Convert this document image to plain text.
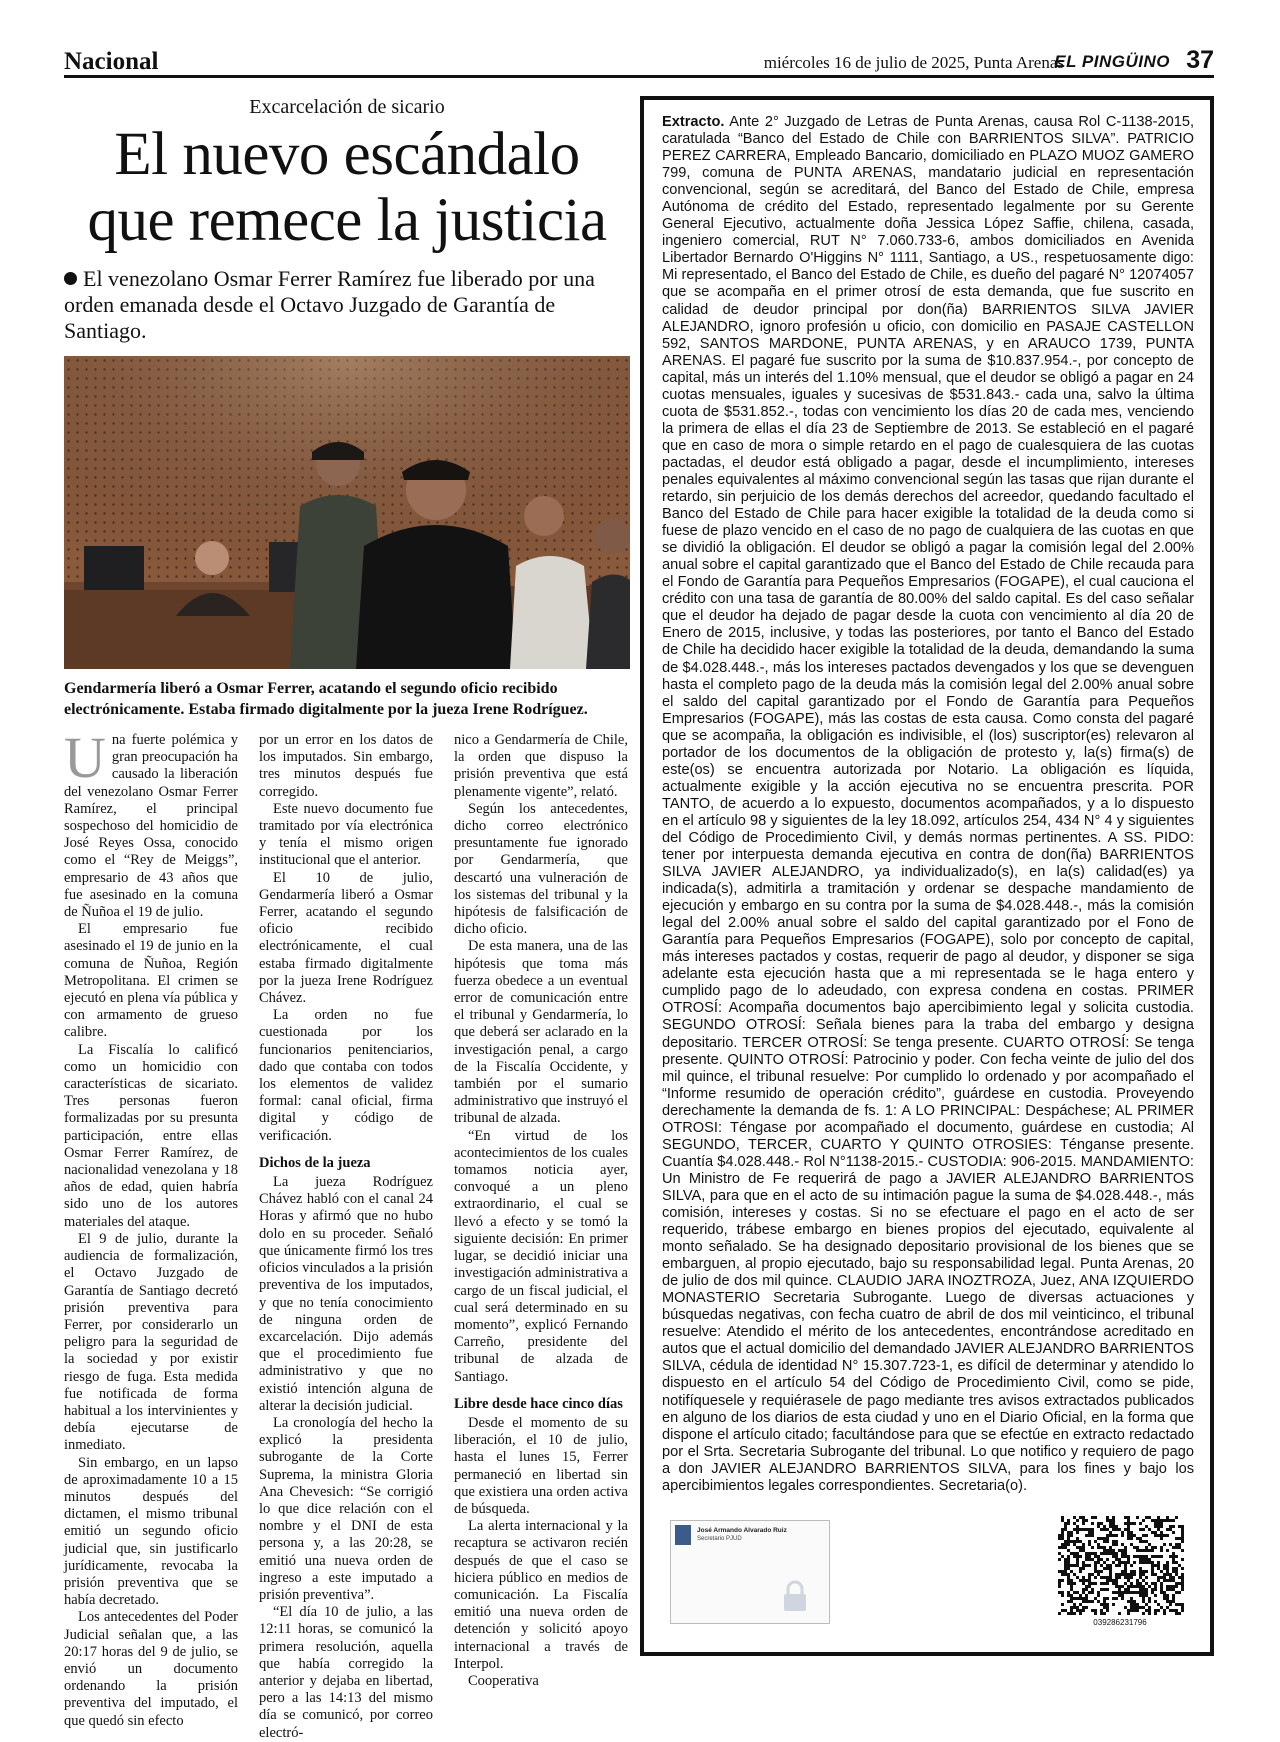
Nacional	miércoles 16 de julio de 2025, Punta Arenas
EL PINGÜINO 37
Excarcelación de sicario
El nuevo escándalo
que remece la justicia
El venezolano Osmar Ferrer Ramírez fue liberado por una orden emanada desde el Octavo Juzgado de Garantía de Santiago.
Gendarmería liberó a Osmar Ferrer, acatando el segundo oficio recibido electrónicamente. Estaba firmado digitalmente por la jueza Irene Rodríguez.
U na fuerte polémica y gran preocupación ha causado la liberación del venezolano Osmar Ferrer Ramírez, el principal sospechoso del homicidio de José Reyes Ossa, conocido como el “Rey de Meiggs”, empresario de 43 años que fue asesinado en la comuna de Ñuñoa el 19 de julio.

El empresario fue asesinado el 19 de junio en la comuna de Ñuñoa, Región Metropolitana. El crimen se ejecutó en plena vía pública y con armamento de grueso calibre.

La Fiscalía lo calificó como un homicidio con características de sicariato. Tres personas fueron formalizadas por su presunta participación, entre ellas Osmar Ferrer Ramírez, de nacionalidad venezolana y 18 años de edad, quien habría sido uno de los autores materiales del ataque.

El 9 de julio, durante la audiencia de formalización, el Octavo Juzgado de Garantía de Santiago decretó prisión preventiva para Ferrer, por considerarlo un peligro para la seguridad de la sociedad y por existir riesgo de fuga. Esta medida fue notificada de forma habitual a los intervinientes y debía ejecutarse de inmediato.

Sin embargo, en un lapso de aproximadamente 10 a 15 minutos después del dictamen, el mismo tribunal emitió un segundo oficio judicial que, sin justificarlo jurídicamente, revocaba la prisión preventiva que se había decretado.

Los antecedentes del Poder Judicial señalan que, a las 20:17 horas del 9 de julio, se envió un documento ordenando la prisión preventiva del imputado, el que quedó sin efecto

por un error en los datos de los imputados. Sin embargo, tres minutos después fue corregido.

Este nuevo documento fue tramitado por vía electrónica y tenía el mismo origen institucional que el anterior.

El 10 de julio, Gendarmería liberó a Osmar Ferrer, acatando el segundo oficio recibido electrónicamente, el cual estaba firmado digitalmente por la jueza Irene Rodríguez Chávez.

La orden no fue cuestionada por los funcionarios penitenciarios, dado que contaba con todos los elementos de validez formal: canal oficial, firma digital y código de verificación.

Dichos de la jueza

La jueza Rodríguez Chávez habló con el canal 24 Horas y afirmó que no hubo dolo en su proceder. Señaló que únicamente firmó los tres oficios vinculados a la prisión preventiva de los imputados, y que no tenía conocimiento de ninguna orden de excarcelación. Dijo además que el procedimiento fue administrativo y que no existió intención alguna de alterar la decisión judicial.

La cronología del hecho la explicó la presidenta subrogante de la Corte Suprema, la ministra Gloria Ana Chevesich: “Se corrigió lo que dice relación con el nombre y el DNI de esta persona y, a las 20:28, se emitió una nueva orden de ingreso a este imputado a prisión preventiva”.

“El día 10 de julio, a las 12:11 horas, se comunicó la primera resolución, aquella que había corregido la anterior y dejaba en libertad, pero a las 14:13 del mismo día se comunicó, por correo electró-

nico a Gendarmería de Chile, la orden que dispuso la prisión preventiva que está plenamente vigente”, relató.

Según los antecedentes, dicho correo electrónico presuntamente fue ignorado por Gendarmería, que descartó una vulneración de los sistemas del tribunal y la hipótesis de falsificación de dicho oficio.

De esta manera, una de las hipótesis que toma más fuerza obedece a un eventual error de comunicación entre el tribunal y Gendarmería, lo que deberá ser aclarado en la investigación penal, a cargo de la Fiscalía Occidente, y también por el sumario administrativo que instruyó el tribunal de alzada.

“En virtud de los acontecimientos de los cuales tomamos noticia ayer, convoqué a un pleno extraordinario, el cual se llevó a efecto y se tomó la siguiente decisión: En primer lugar, se decidió iniciar una investigación administrativa a cargo de un fiscal judicial, el cual será determinado en su momento”, explicó Fernando Carreño, presidente del tribunal de alzada de Santiago.

Libre desde hace cinco días

Desde el momento de su liberación, el 10 de julio, hasta el lunes 15, Ferrer permaneció en libertad sin que existiera una orden activa de búsqueda.

La alerta internacional y la recaptura se activaron recién después de que el caso se hiciera público en medios de comunicación. La Fiscalía emitió una nueva orden de detención y solicitó apoyo internacional a través de Interpol.

Cooperativa

Extracto. Ante 2° Juzgado de Letras de Punta Arenas, causa Rol C-1138-2015, caratulada “Banco del Estado de Chile con BARRIENTOS SILVA”. PATRICIO PEREZ CARRERA, Empleado Bancario, domiciliado en PLAZO MUOZ GAMERO 799, comuna de PUNTA ARENAS, mandatario judicial en representación convencional, según se acreditará, del Banco del Estado de Chile, empresa Autónoma de crédito del Estado, representado legalmente por su Gerente General Ejecutivo, actualmente doña Jessica López Saffie, chilena, casada, ingeniero comercial, RUT N° 7.060.733-6, ambos domiciliados en Avenida Libertador Bernardo O'Higgins N° 1111, Santiago, a US., respetuosamente digo: Mi representado, el Banco del Estado de Chile, es dueño del pagaré N° 12074057 que se acompaña en el primer otrosí de esta demanda, que fue suscrito en calidad de deudor principal por don(ña) BARRIENTOS SILVA JAVIER ALEJANDRO, ignoro profesión u oficio, con domicilio en PASAJE CASTELLON 592, SANTOS MARDONE, PUNTA ARENAS, y en ARAUCO 1739, PUNTA ARENAS. El pagaré fue suscrito por la suma de $10.837.954.-, por concepto de capital, más un interés del 1.10% mensual, que el deudor se obligó a pagar en 24 cuotas mensuales, iguales y sucesivas de $531.843.- cada una, salvo la última cuota de $531.852.-, todas con vencimiento los días 20 de cada mes, venciendo la primera de ellas el día 23 de Septiembre de 2013. Se estableció en el pagaré que en caso de mora o simple retardo en el pago de cualesquiera de las cuotas pactadas, el deudor está obligado a pagar, desde el incumplimiento, intereses penales equivalentes al máximo convencional según las tasas que rijan durante el retardo, sin perjuicio de los demás derechos del acreedor, quedando facultado el Banco del Estado de Chile para hacer exigible la totalidad de la deuda como si fuese de plazo vencido en el caso de no pago de cualquiera de las cuotas en que se dividió la obligación. El deudor se obligó a pagar la comisión legal del 2.00% anual sobre el capital garantizado que el Banco del Estado de Chile recauda para el Fondo de Garantía para Pequeños Empresarios (FOGAPE), el cual cauciona el crédito con una tasa de garantía de 80.00% del saldo capital. Es del caso señalar que el deudor ha dejado de pagar desde la cuota con vencimiento al día 20 de Enero de 2015, inclusive, y todas las posteriores, por tanto el Banco del Estado de Chile ha decidido hacer exigible la totalidad de la deuda, demandando la suma de $4.028.448.-, más los intereses pactados devengados y los que se devenguen hasta el completo pago de la deuda más la comisión legal del 2.00% anual sobre el saldo del capital garantizado por el Fondo de Garantía para Pequeños Empresarios (FOGAPE), más las costas de esta causa. Como consta del pagaré que se acompaña, la obligación es indivisible, el (los) suscriptor(es) relevaron al portador de los documentos de la obligación de protesto y, la(s) firma(s) de este(os) se encuentra autorizada por Notario. La obligación es líquida, actualmente exigible y la acción ejecutiva no se encuentra prescrita. POR TANTO, de acuerdo a lo expuesto, documentos acompañados, y a lo dispuesto en el artículo 98 y siguientes de la ley 18.092, artículos 254, 434 N° 4 y siguientes del Código de Procedimiento Civil, y demás normas pertinentes. A SS. PIDO: tener por interpuesta demanda ejecutiva en contra de don(ña) BARRIENTOS SILVA JAVIER ALEJANDRO, ya individualizado(s), en la(s) calidad(es) ya indicada(s), admitirla a tramitación y ordenar se despache mandamiento de ejecución y embargo en su contra por la suma de $4.028.448.-, más la comisión legal del 2.00% anual sobre el saldo del capital garantizado por el Fono de Garantía para Pequeños Empresarios (FOGAPE), solo por concepto de capital, más intereses pactados y costas, requerir de pago al deudor, y disponer se siga adelante esta ejecución hasta que a mi representada se le haga entero y cumplido pago de lo adeudado, con expresa condena en costas. PRIMER OTROSÍ: Acompaña documentos bajo apercibimiento legal y solicita custodia. SEGUNDO OTROSÍ: Señala bienes para la traba del embargo y designa depositario. TERCER OTROSÍ: Se tenga presente. CUARTO OTROSÍ: Se tenga presente. QUINTO OTROSÍ: Patrocinio y poder. Con fecha veinte de julio del dos mil quince, el tribunal resuelve: Por cumplido lo ordenado y por acompañado el “Informe resumido de operación crédito”, guárdese en custodia. Proveyendo derechamente la demanda de fs. 1: A LO PRINCIPAL: Despáchese; AL PRIMER OTROSI: Téngase por acompañado el documento, guárdese en custodia; Al SEGUNDO, TERCER, CUARTO Y QUINTO OTROSIES: Ténganse presente. Cuantía $4.028.448.- Rol N°1138-2015.- CUSTODIA: 906-2015. MANDAMIENTO: Un Ministro de Fe requerirá de pago a JAVIER ALEJANDRO BARRIENTOS SILVA, para que en el acto de su intimación pague la suma de $4.028.448.-, más comisión, intereses y costas. Si no se efectuare el pago en el acto de ser requerido, trábese embargo en bienes propios del ejecutado, equivalente al monto señalado. Se ha designado depositario provisional de los bienes que se embarguen, al propio ejecutado, bajo su responsabilidad legal. Punta Arenas, 20 de julio de dos mil quince. CLAUDIO JARA INOZTROZA, Juez, ANA IZQUIERDO MONASTERIO Secretaria Subrogante. Luego de diversas actuaciones y búsquedas negativas, con fecha cuatro de abril de dos mil veinticinco, el tribunal resuelve: Atendido el mérito de los antecedentes, encontrándose acreditado en autos que el actual domicilio del demandado JAVIER ALEJANDRO BARRIENTOS SILVA, cédula de identidad N° 15.307.723-1, es difícil de determinar y atendido lo dispuesto en el artículo 54 del Código de Procedimiento Civil, como se pide, notifíquesele y requiérasele de pago mediante tres avisos extractados publicados en alguno de los diarios de esta ciudad y uno en el Diario Oficial, en la forma que dispone el artículo citado; facultándose para que se efectúe en extracto redactado por el Srta. Secretaria Subrogante del tribunal. Lo que notifico y requiero de pago a don JAVIER ALEJANDRO BARRIENTOS SILVA, para los fines y bajo los apercibimientos legales correspondientes. Secretaria(o).
José Armando Alvarado Ruiz
Secretario PJUD
039286231796
